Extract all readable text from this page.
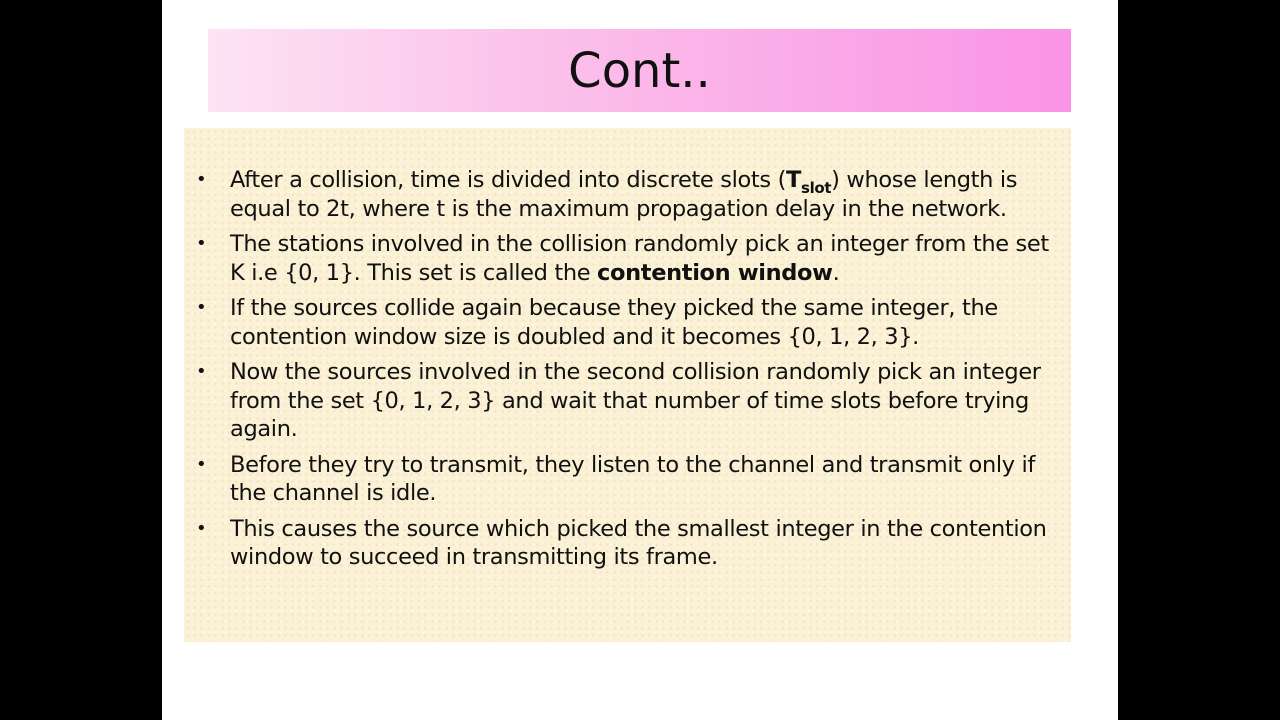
Cont..
• After a collision, time is divided into discrete slots $(T_{slot})$ whose length is equal to 2t, where t is the maximum propagation delay in the network.
• The stations involved in the collision randomly pick an integer from the set K i.e {0, 1}. This set is called the contention window.
• If the sources collide again because they picked the same integer, the contention window size is doubled and it becomes {0, 1, 2, 3}.
• Now the sources involved in the second collision randomly pick an integer from the set {0, 1, 2, 3} and wait that number of time slots before trying again.
• Before they try to transmit, they listen to the channel and transmit only if the channel is idle.
• This causes the source which picked the smallest integer in the contention window to succeed in transmitting its frame.
